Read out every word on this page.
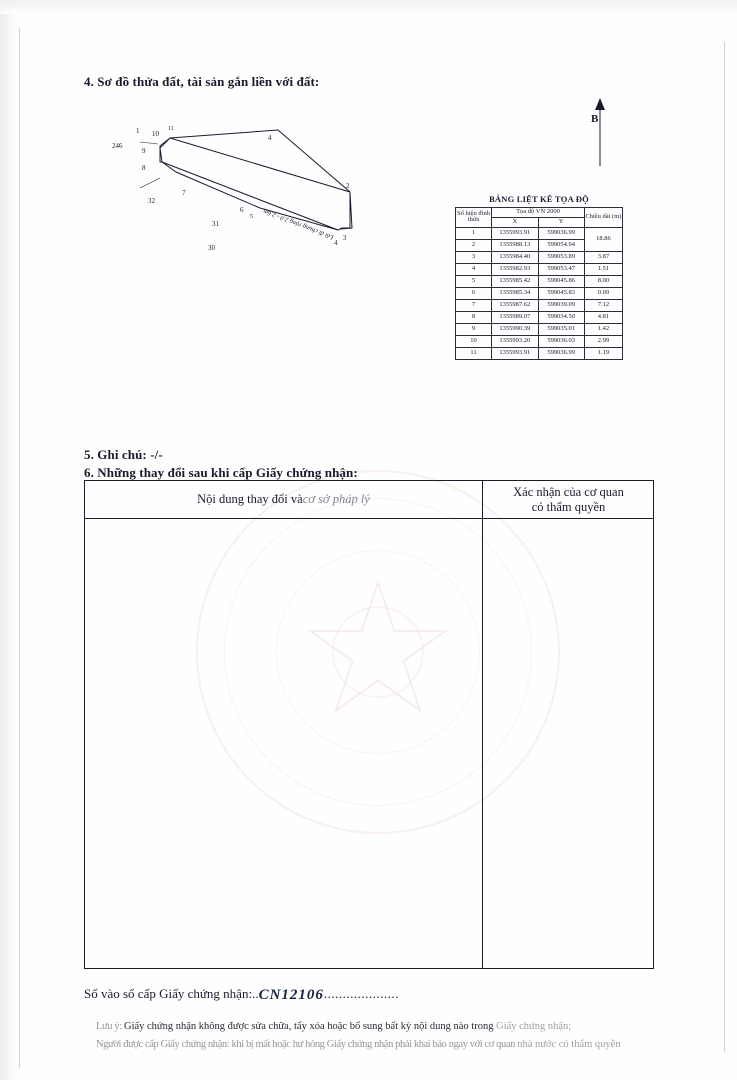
4. Sơ đồ thửa đất, tài sản gắn liền với đất:
5. Ghi chú: -/-
6. Những thay đổi sau khi cấp Giấy chứng nhận:
B
10
11
9
8
7
6
5
3
2
4
4
1
246
32
31
30
Lối đi chung rộng 2.0 - 2.6m
BẢNG LIỆT KÊ TỌA ĐỘ
Số hiệu đỉnh thửa	Tọa độ VN 2000		Chiều dài (m)
	X	Y	
1	1355993.91	599036.99	18.86
2	1355988.13	599054.94	
3	1355984.40	599053.89	3.87
4	1355982.93	599053.47	1.51
5	1355985.42	599045.86	8.00
6	1355985.34	599045.83	0.09
7	1355987.62	599039.09	7.12
8	1355989.07	599034.50	4.81
9	1355990.39	599035.01	1.42
10	1355993.20	599036.03	2.99
11	1355993.91	599036.99	1.19
Nội dung thay đổi và cơ sở pháp lý	Xác nhận của cơ quan
có thẩm quyền
Số vào sổ cấp Giấy chứng nhận:..CN12106....................
Lưu ý: Giấy chứng nhận không được sửa chữa, tẩy xóa hoặc bổ sung bất kỳ nội dung nào trong Giấy chứng nhận;
Người được cấp Giấy chứng nhận: khi bị mất hoặc hư hỏng Giấy chứng nhận phải khai báo ngay với cơ quan nhà nước có thẩm quyền
